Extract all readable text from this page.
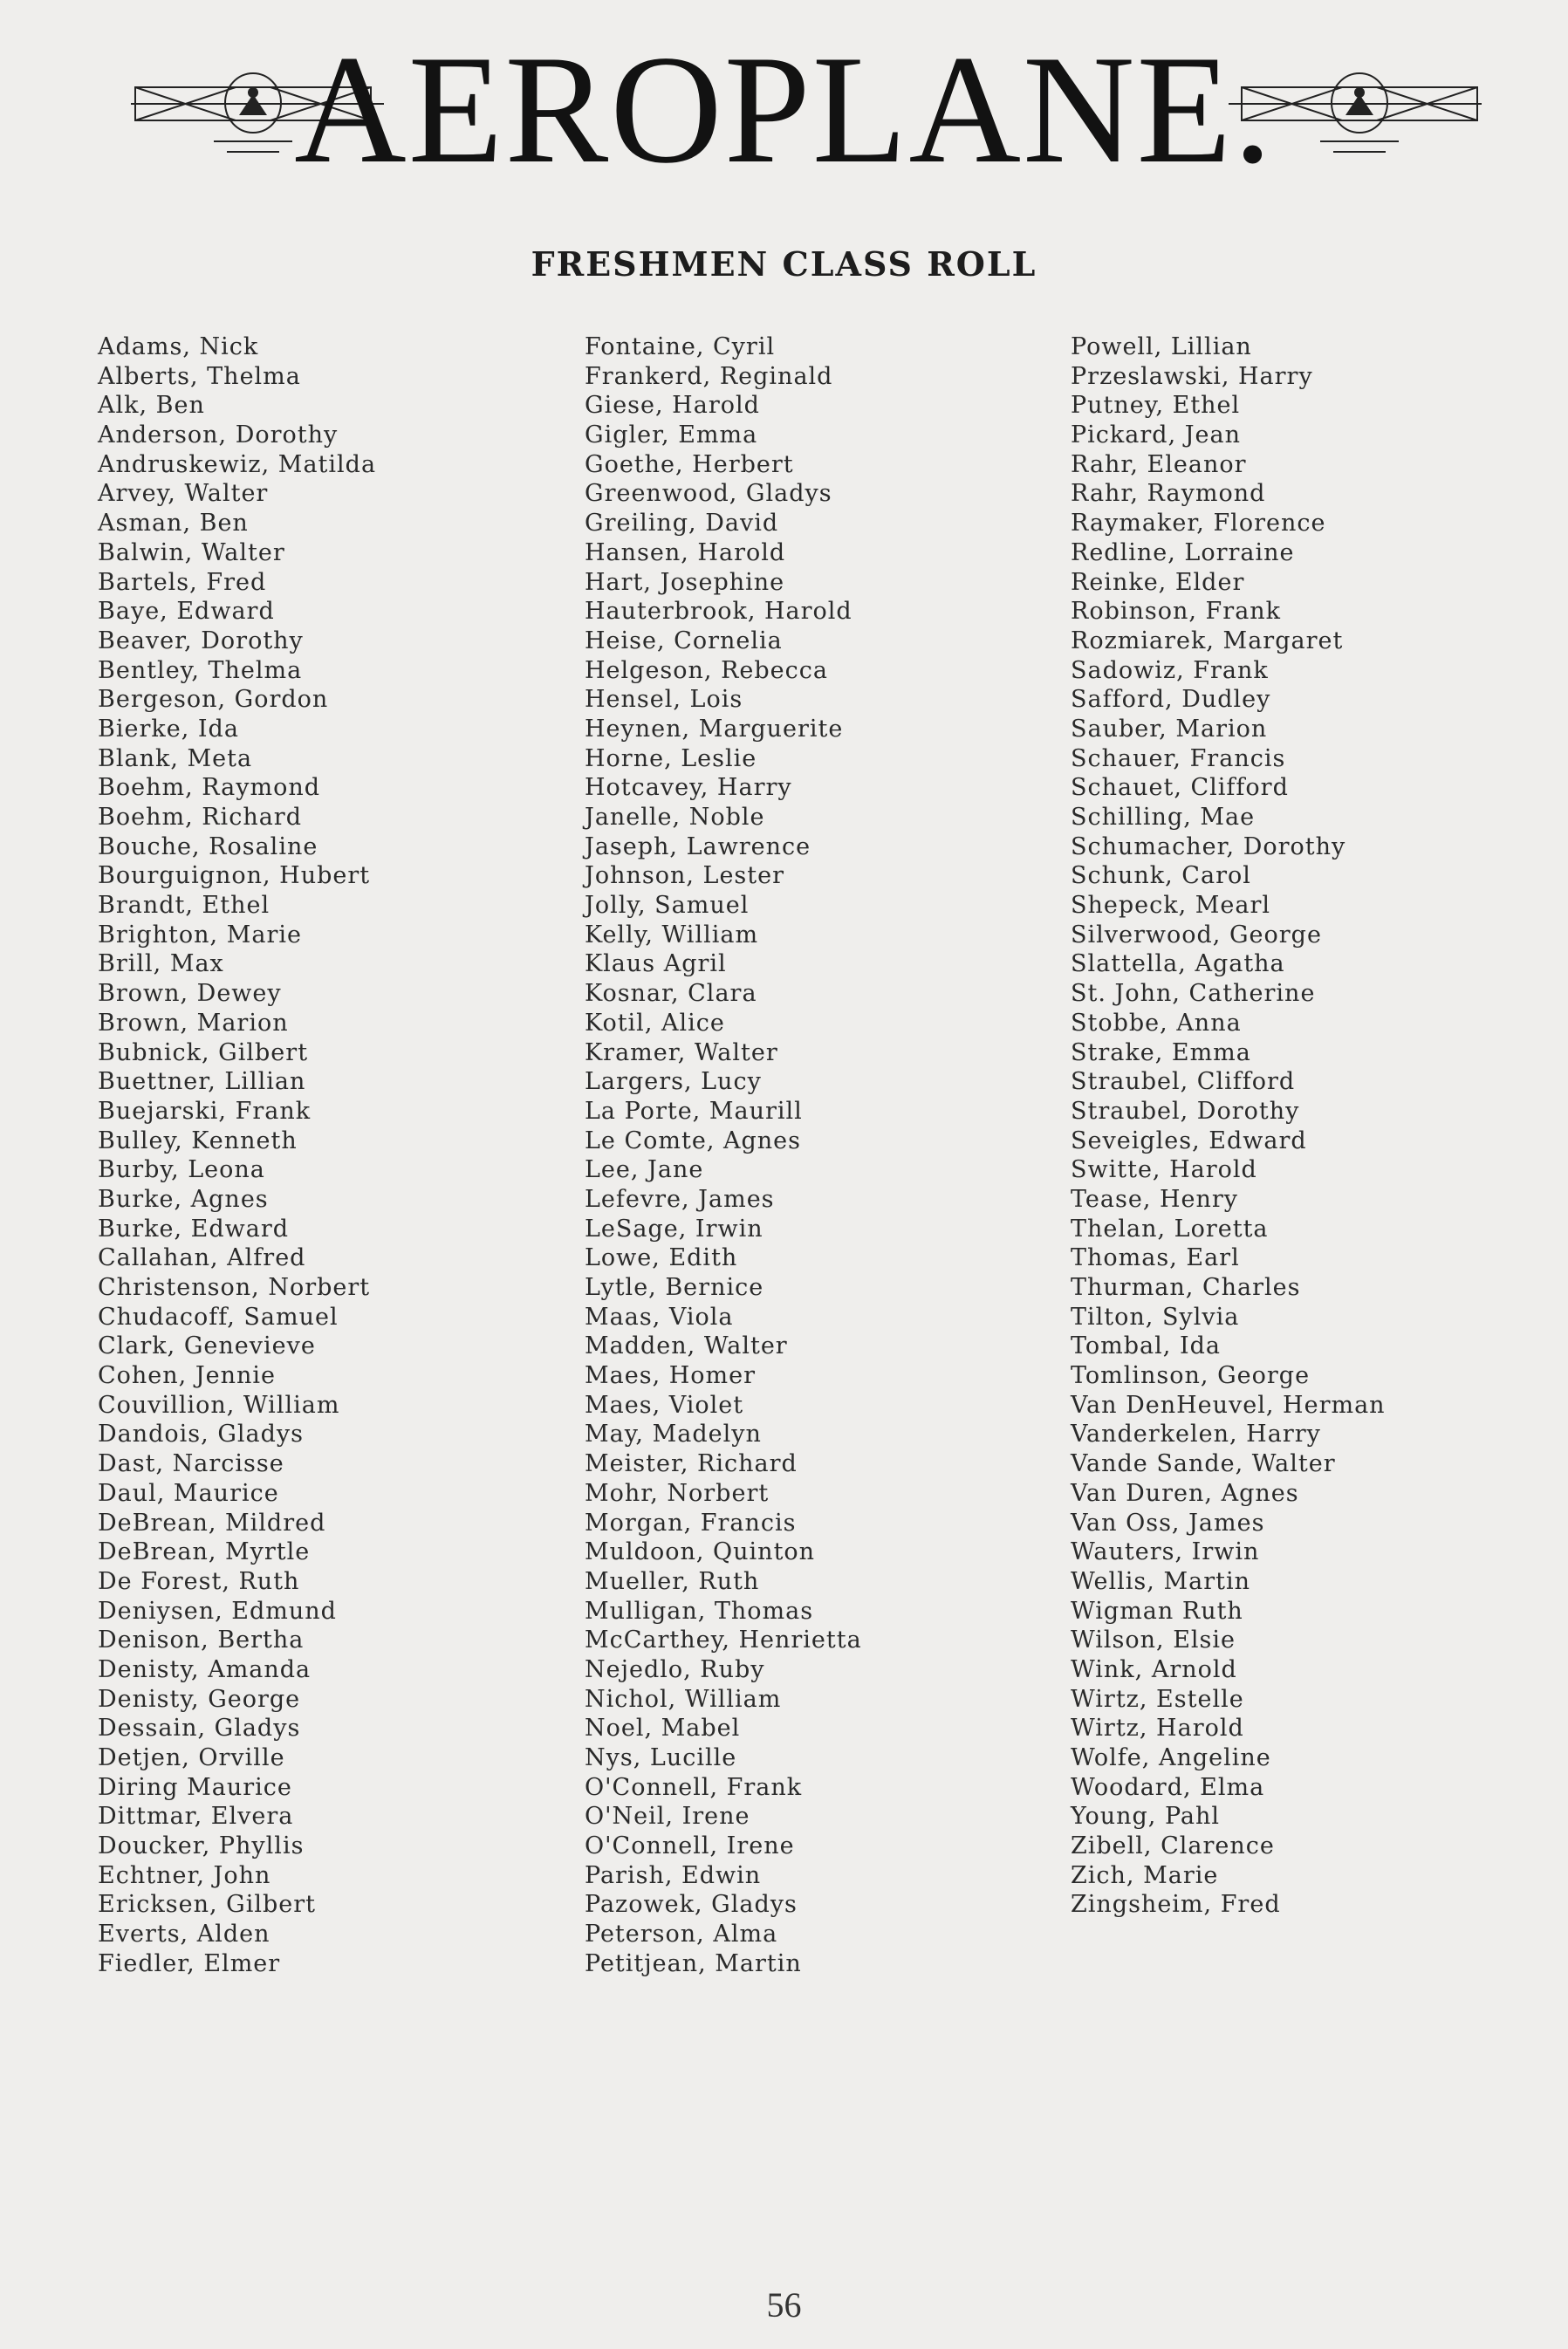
AEROPLANE.
FRESHMEN CLASS ROLL
Adams, Nick
Alberts, Thelma
Alk, Ben
Anderson, Dorothy
Andruskewiz, Matilda
Arvey, Walter
Asman, Ben
Balwin, Walter
Bartels, Fred
Baye, Edward
Beaver, Dorothy
Bentley, Thelma
Bergeson, Gordon
Bierke, Ida
Blank, Meta
Boehm, Raymond
Boehm, Richard
Bouche, Rosaline
Bourguignon, Hubert
Brandt, Ethel
Brighton, Marie
Brill, Max
Brown, Dewey
Brown, Marion
Bubnick, Gilbert
Buettner, Lillian
Buejarski, Frank
Bulley, Kenneth
Burby, Leona
Burke, Agnes
Burke, Edward
Callahan, Alfred
Christenson, Norbert
Chudacoff, Samuel
Clark, Genevieve
Cohen, Jennie
Couvillion, William
Dandois, Gladys
Dast, Narcisse
Daul, Maurice
DeBrean, Mildred
DeBrean, Myrtle
De Forest, Ruth
Deniysen, Edmund
Denison, Bertha
Denisty, Amanda
Denisty, George
Dessain, Gladys
Detjen, Orville
Diring Maurice
Dittmar, Elvera
Doucker, Phyllis
Echtner, John
Ericksen, Gilbert
Everts, Alden
Fiedler, Elmer
Fontaine, Cyril
Frankerd, Reginald
Giese, Harold
Gigler, Emma
Goethe, Herbert
Greenwood, Gladys
Greiling, David
Hansen, Harold
Hart, Josephine
Hauterbrook, Harold
Heise, Cornelia
Helgeson, Rebecca
Hensel, Lois
Heynen, Marguerite
Horne, Leslie
Hotcavey, Harry
Janelle, Noble
Jaseph, Lawrence
Johnson, Lester
Jolly, Samuel
Kelly, William
Klaus Agril
Kosnar, Clara
Kotil, Alice
Kramer, Walter
Largers, Lucy
La Porte, Maurill
Le Comte, Agnes
Lee, Jane
Lefevre, James
LeSage, Irwin
Lowe, Edith
Lytle, Bernice
Maas, Viola
Madden, Walter
Maes, Homer
Maes, Violet
May, Madelyn
Meister, Richard
Mohr, Norbert
Morgan, Francis
Muldoon, Quinton
Mueller, Ruth
Mulligan, Thomas
McCarthey, Henrietta
Nejedlo, Ruby
Nichol, William
Noel, Mabel
Nys, Lucille
O'Connell, Frank
O'Neil, Irene
O'Connell, Irene
Parish, Edwin
Pazowek, Gladys
Peterson, Alma
Petitjean, Martin
Powell, Lillian
Przeslawski, Harry
Putney, Ethel
Pickard, Jean
Rahr, Eleanor
Rahr, Raymond
Raymaker, Florence
Redline, Lorraine
Reinke, Elder
Robinson, Frank
Rozmiarek, Margaret
Sadowiz, Frank
Safford, Dudley
Sauber, Marion
Schauer, Francis
Schauet, Clifford
Schilling, Mae
Schumacher, Dorothy
Schunk, Carol
Shepeck, Mearl
Silverwood, George
Slattella, Agatha
St. John, Catherine
Stobbe, Anna
Strake, Emma
Straubel, Clifford
Straubel, Dorothy
Seveigles, Edward
Switte, Harold
Tease, Henry
Thelan, Loretta
Thomas, Earl
Thurman, Charles
Tilton, Sylvia
Tombal, Ida
Tomlinson, George
Van DenHeuvel, Herman
Vanderkelen, Harry
Vande Sande, Walter
Van Duren, Agnes
Van Oss, James
Wauters, Irwin
Wellis, Martin
Wigman Ruth
Wilson, Elsie
Wink, Arnold
Wirtz, Estelle
Wirtz, Harold
Wolfe, Angeline
Woodard, Elma
Young, Pahl
Zibell, Clarence
Zich, Marie
Zingsheim, Fred
56
